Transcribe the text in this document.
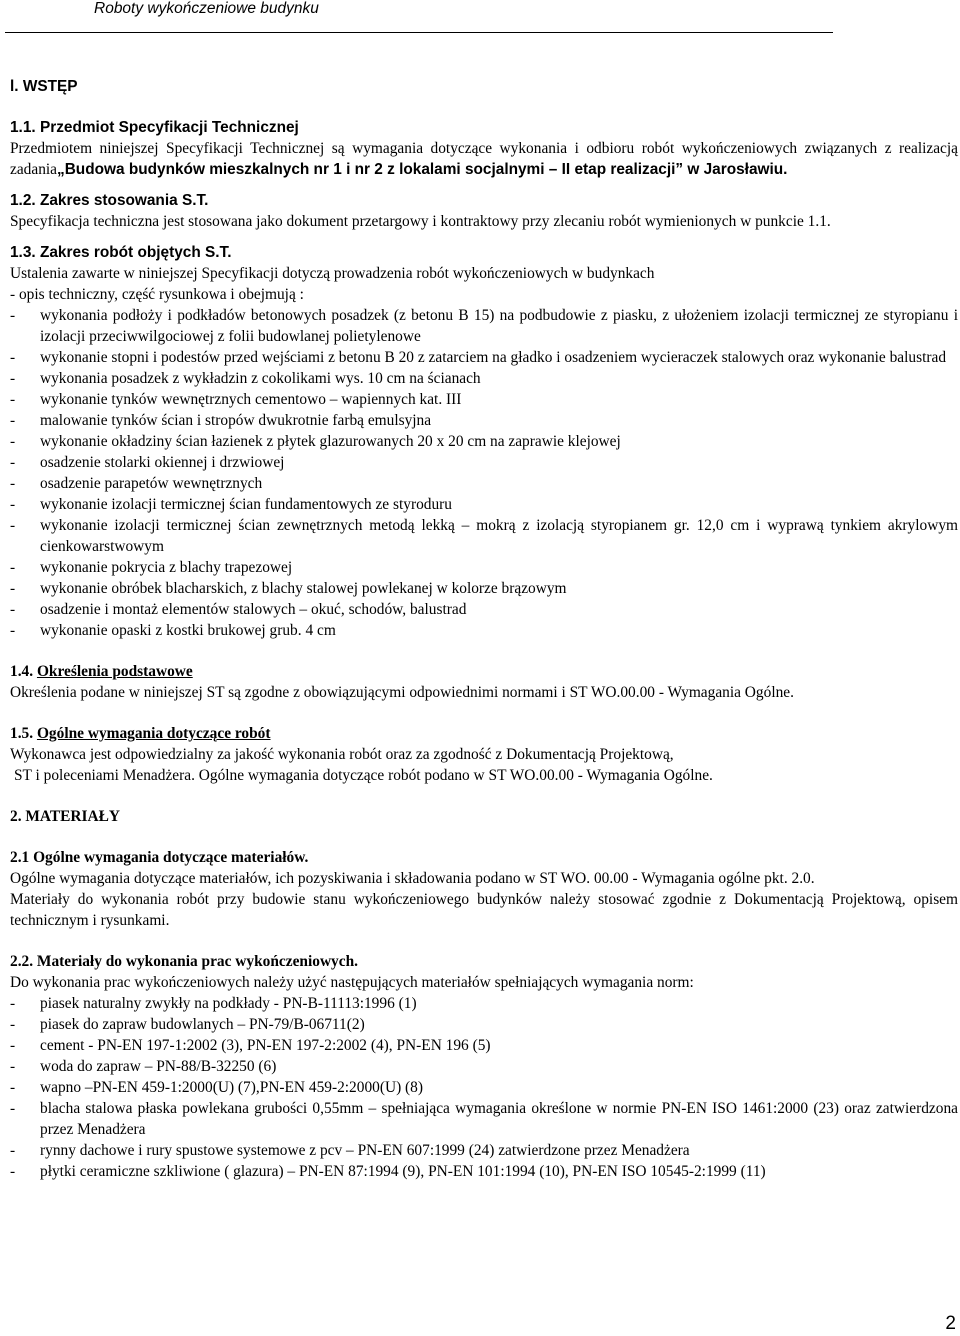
Roboty wykończeniowe budynku

l. WSTĘP

1.1. Przedmiot Specyfikacji Technicznej

Przedmiotem niniejszej Specyfikacji Technicznej są wymagania dotyczące wykonania i odbioru robót wykończeniowych związanych z realizacją zadania„Budowa budynków mieszkalnych nr 1 i nr 2 z lokalami socjalnymi – II etap realizacji” w Jarosławiu.

1.2. Zakres stosowania S.T.

Specyfikacja techniczna jest stosowana jako dokument przetargowy i kontraktowy przy zlecaniu robót wymienionych w punkcie 1.1.

1.3. Zakres robót objętych S.T.

Ustalenia zawarte w niniejszej Specyfikacji dotyczą prowadzenia robót wykończeniowych w budynkach

- opis techniczny, część rysunkowa i obejmują :

- wykonania podłoży i podkładów betonowych posadzek (z betonu B 15) na podbudowie z piasku, z ułożeniem izolacji termicznej ze styropianu i izolacji przeciwwilgociowej z folii budowlanej polietylenowe
- wykonanie stopni i podestów przed wejściami z betonu B 20 z zatarciem na gładko i osadzeniem wycieraczek stalowych oraz wykonanie balustrad
- wykonania posadzek z wykładzin z cokolikami wys. 10 cm na ścianach
- wykonanie tynków wewnętrznych cementowo – wapiennych kat. III
- malowanie tynków ścian i stropów dwukrotnie farbą emulsyjna
- wykonanie okładziny ścian łazienek z płytek glazurowanych 20 x 20 cm na zaprawie klejowej
- osadzenie stolarki okiennej i drzwiowej
- osadzenie parapetów wewnętrznych
- wykonanie izolacji termicznej ścian fundamentowych ze styroduru
- wykonanie izolacji termicznej ścian zewnętrznych metodą lekką – mokrą z izolacją styropianem gr. 12,0 cm i wyprawą tynkiem akrylowym cienkowarstwowym
- wykonanie pokrycia z blachy trapezowej
- wykonanie obróbek blacharskich, z blachy stalowej powlekanej w kolorze brązowym
- osadzenie i montaż elementów stalowych – okuć, schodów, balustrad
- wykonanie opaski z kostki brukowej grub. 4 cm

1.4. Określenia podstawowe

Określenia podane w niniejszej ST są zgodne z obowiązującymi odpowiednimi normami i ST WO.00.00 - Wymagania Ogólne.

1.5. Ogólne wymagania dotyczące robót

Wykonawca jest odpowiedzialny za jakość wykonania robót oraz za zgodność z Dokumentacją Projektową,

ST i poleceniami Menadżera. Ogólne wymagania dotyczące robót podano w ST WO.00.00 - Wymagania Ogólne.

2. MATERIAŁY

2.1 Ogólne wymagania dotyczące materiałów.

Ogólne wymagania dotyczące materiałów, ich pozyskiwania i składowania podano w ST WO. 00.00 - Wymagania ogólne pkt. 2.0.

Materiały do wykonania robót przy budowie stanu wykończeniowego budynków należy stosować zgodnie z Dokumentacją Projektową, opisem technicznym i rysunkami.

2.2. Materiały do wykonania prac wykończeniowych.

Do wykonania prac wykończeniowych należy użyć następujących materiałów spełniających wymagania norm:

- piasek naturalny zwykły na podkłady - PN-B-11113:1996 (1)
- piasek do zapraw budowlanych – PN-79/B-06711(2)
- cement - PN-EN 197-1:2002 (3), PN-EN 197-2:2002 (4), PN-EN 196 (5)
- woda do zapraw – PN-88/B-32250 (6)
- wapno –PN-EN 459-1:2000(U) (7),PN-EN 459-2:2000(U) (8)
- blacha stalowa płaska powlekana grubości 0,55mm – spełniająca wymagania określone w normie PN-EN ISO 1461:2000 (23) oraz zatwierdzona przez Menadżera
- rynny dachowe i rury spustowe systemowe z pcv – PN-EN 607:1999 (24) zatwierdzone przez Menadżera
- płytki ceramiczne szkliwione ( glazura) – PN-EN 87:1994 (9), PN-EN 101:1994 (10), PN-EN ISO 10545-2:1999 (11)
2
